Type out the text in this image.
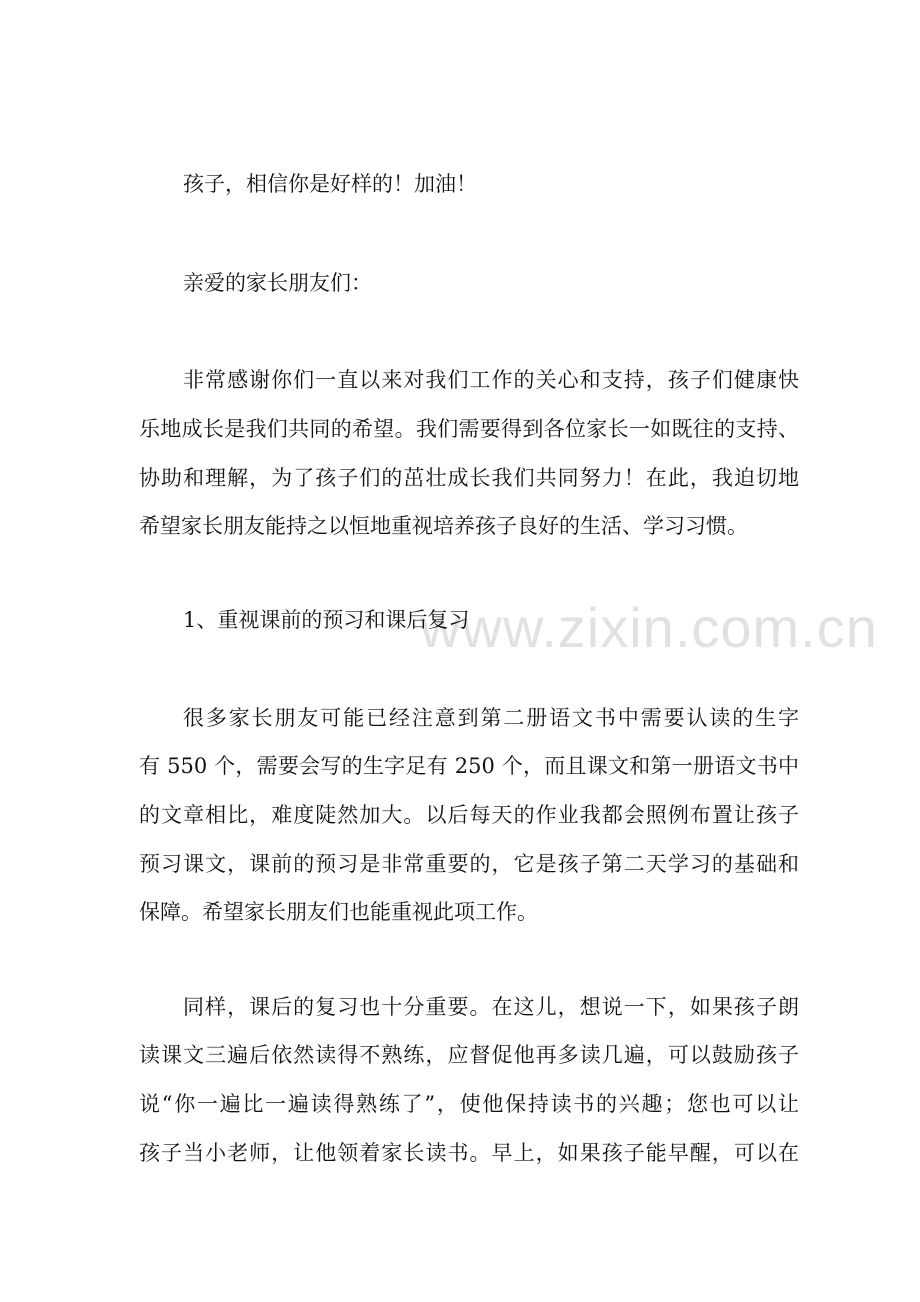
www.zixin.com.cn
孩子，相信你是好样的！加油！
亲爱的家长朋友们：
非常感谢你们一直以来对我们工作的关心和支持，孩子们健康快
乐地成长是我们共同的希望。我们需要得到各位家长一如既往的支持、
协助和理解，为了孩子们的茁壮成长我们共同努力！在此，我迫切地
希望家长朋友能持之以恒地重视培养孩子良好的生活、学习习惯。
1、重视课前的预习和课后复习
很多家长朋友可能已经注意到第二册语文书中需要认读的生字
有 550 个，需要会写的生字足有 250 个，而且课文和第一册语文书中
的文章相比，难度陡然加大。以后每天的作业我都会照例布置让孩子
预习课文，课前的预习是非常重要的，它是孩子第二天学习的基础和
保障。希望家长朋友们也能重视此项工作。
同样，课后的复习也十分重要。在这儿，想说一下，如果孩子朗
读课文三遍后依然读得不熟练，应督促他再多读几遍，可以鼓励孩子
说“你一遍比一遍读得熟练了”，使他保持读书的兴趣；您也可以让
孩子当小老师，让他领着家长读书。早上，如果孩子能早醒，可以在
